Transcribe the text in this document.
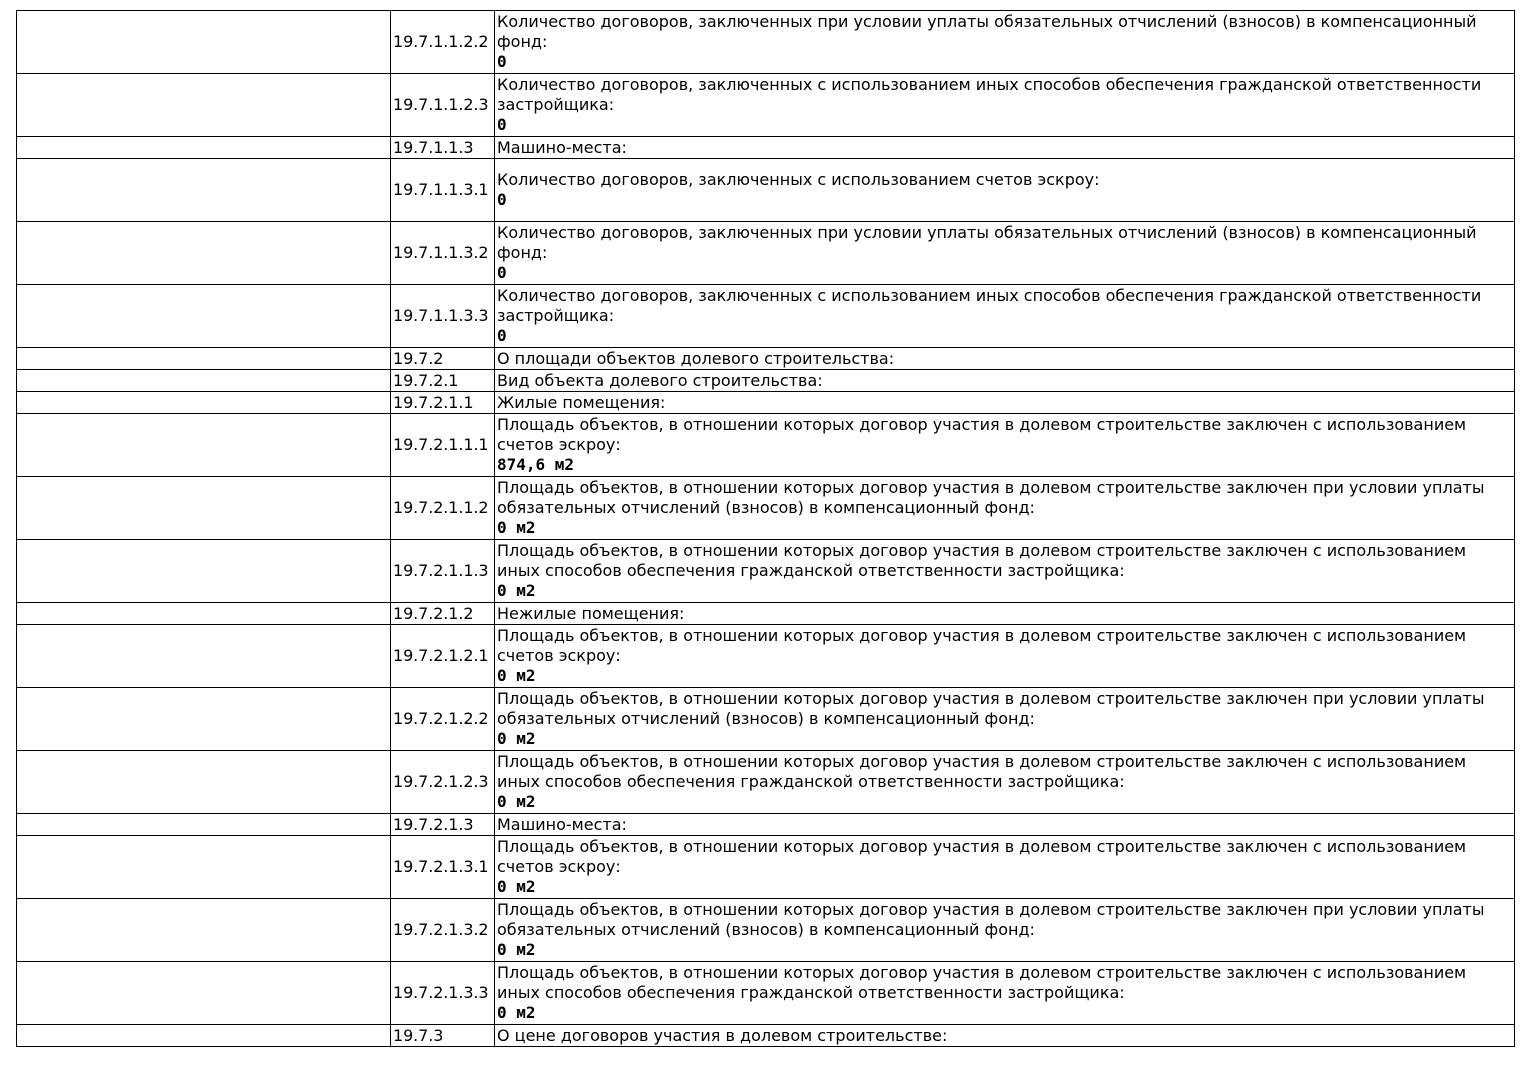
	19.7.1.1.2.2	Количество договоров, заключенных при условии уплаты обязательных отчислений (взносов) в компенсационный фонд:
0

	19.7.1.1.2.3	Количество договоров, заключенных с использованием иных способов обеспечения гражданской ответственности застройщика:
0

	19.7.1.1.3	Машино-места:

	19.7.1.1.3.1	Количество договоров, заключенных с использованием счетов эскроу:
0

	19.7.1.1.3.2	Количество договоров, заключенных при условии уплаты обязательных отчислений (взносов) в компенсационный фонд:
0

	19.7.1.1.3.3	Количество договоров, заключенных с использованием иных способов обеспечения гражданской ответственности застройщика:
0

	19.7.2	О площади объектов долевого строительства:

	19.7.2.1	Вид объекта долевого строительства:

	19.7.2.1.1	Жилые помещения:

	19.7.2.1.1.1	Площадь объектов, в отношении которых договор участия в долевом строительстве заключен с использованием счетов эскроу:
874,6 м2

	19.7.2.1.1.2	Площадь объектов, в отношении которых договор участия в долевом строительстве заключен при условии уплаты обязательных отчислений (взносов) в компенсационный фонд:
0 м2

	19.7.2.1.1.3	Площадь объектов, в отношении которых договор участия в долевом строительстве заключен с использованием иных способов обеспечения гражданской ответственности застройщика:
0 м2

	19.7.2.1.2	Нежилые помещения:

	19.7.2.1.2.1	Площадь объектов, в отношении которых договор участия в долевом строительстве заключен с использованием счетов эскроу:
0 м2

	19.7.2.1.2.2	Площадь объектов, в отношении которых договор участия в долевом строительстве заключен при условии уплаты обязательных отчислений (взносов) в компенсационный фонд:
0 м2

	19.7.2.1.2.3	Площадь объектов, в отношении которых договор участия в долевом строительстве заключен с использованием иных способов обеспечения гражданской ответственности застройщика:
0 м2

	19.7.2.1.3	Машино-места:

	19.7.2.1.3.1	Площадь объектов, в отношении которых договор участия в долевом строительстве заключен с использованием счетов эскроу:
0 м2

	19.7.2.1.3.2	Площадь объектов, в отношении которых договор участия в долевом строительстве заключен при условии уплаты обязательных отчислений (взносов) в компенсационный фонд:
0 м2

	19.7.2.1.3.3	Площадь объектов, в отношении которых договор участия в долевом строительстве заключен с использованием иных способов обеспечения гражданской ответственности застройщика:
0 м2

	19.7.3	О цене договоров участия в долевом строительстве:
